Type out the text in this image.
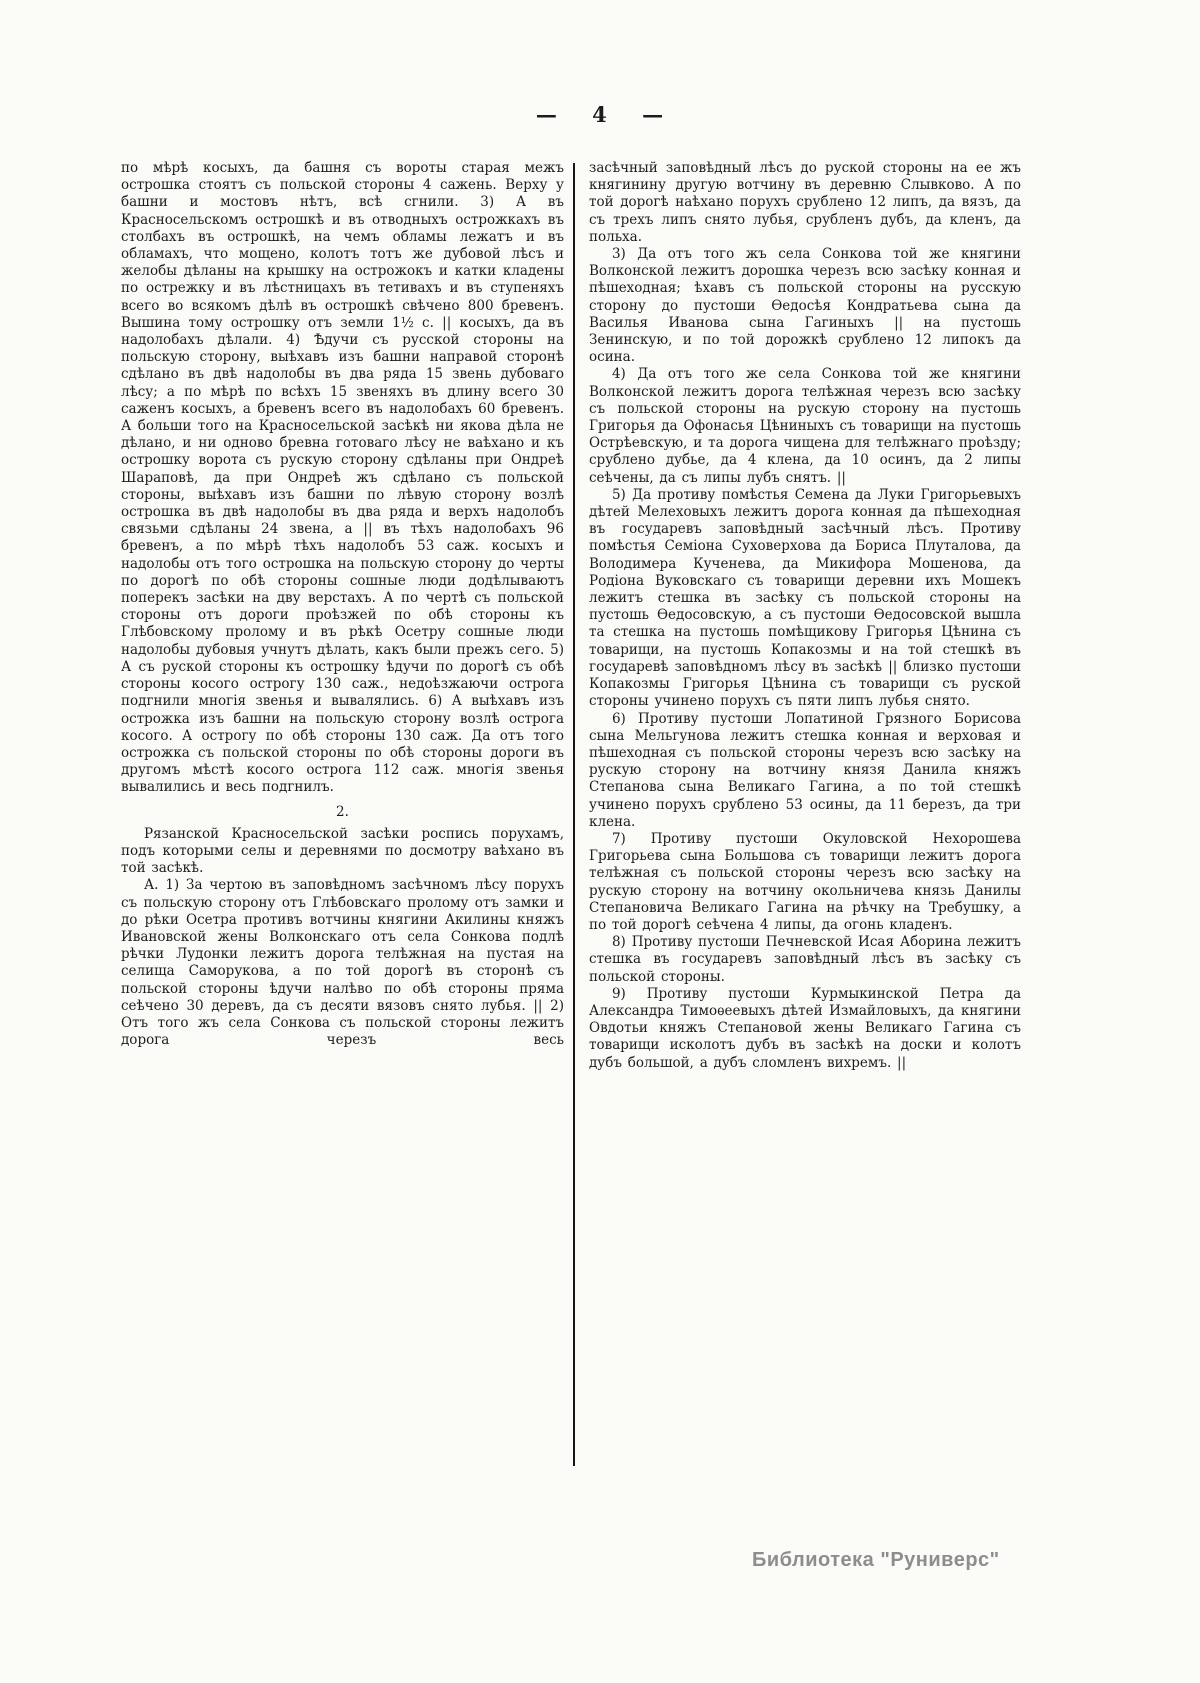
— 4 —

по мѣрѣ косыхъ, да башня съ вороты старая межъ острошка стоятъ съ польской стороны 4 сажень. Верху у башни и мостовъ нѣтъ, всѣ сгнили. 3) А въ Красносельскомъ острошкѣ и въ отводныхъ острожкахъ въ столбахъ въ острошкѣ, на чемъ обламы лежатъ и въ обламахъ, что мощено, колотъ тотъ же дубовой лѣсъ и желобы дѣланы на крышку на острожокъ и катки кладены по острежку и въ лѣстницахъ въ тетивахъ и въ ступеняхъ всего во всякомъ дѣлѣ въ острошкѣ свѣчено 800 бревенъ. Вышина тому острошку отъ земли 1½ с. || косыхъ, да въ надолобахъ дѣлали. 4) Ѣдучи съ русской стороны на польскую сторону, выѣхавъ изъ башни направой сторонѣ сдѣлано въ двѣ надолобы въ два ряда 15 звень дубоваго лѣсу; а по мѣрѣ по всѣхъ 15 звеняхъ въ длину всего 30 саженъ косыхъ, а бревенъ всего въ надолобахъ 60 бревенъ. А больши того на Красносельской засѣкѣ ни якова дѣла не дѣлано, и ни одново бревна готоваго лѣсу не ваѣхано и къ острошку ворота съ рускую сторону сдѣланы при Ондреѣ Шараповѣ, да при Ондреѣ жъ сдѣлано съ польской стороны, выѣхавъ изъ башни по лѣвую сторону возлѣ острошка въ двѣ надолобы въ два ряда и верхъ надолобъ связьми сдѣланы 24 звена, а || въ тѣхъ надолобахъ 96 бревенъ, а по мѣрѣ тѣхъ надолобъ 53 саж. косыхъ и надолобы отъ того острошка на польскую сторону до черты по дорогѣ по обѣ стороны сошные люди додѣлываютъ поперекъ засѣки на дву верстахъ. А по чертѣ съ польской стороны отъ дороги проѣзжей по обѣ стороны къ Глѣбовскому пролому и въ рѣкѣ Осетру сошные люди надолобы дубовыя учнутъ дѣлать, какъ были прежъ сего. 5) А съ руской стороны къ острошку ѣдучи по дорогѣ съ обѣ стороны косого острогу 130 саж., недоѣзжаючи острога подгнили многія звенья и вывалялись. 6) А выѣхавъ изъ острожка изъ башни на польскую сторону возлѣ острога косого. А острогу по обѣ стороны 130 саж. Да отъ того острожка съ польской стороны по обѣ стороны дороги въ другомъ мѣстѣ косого острога 112 саж. многія звенья вывалились и весь подгнилъ.

2.

Рязанской Красносельской засѣки роспись порухамъ, подъ которыми селы и деревнями по досмотру ваѣхано въ той засѣкѣ.

А. 1) За чертою въ заповѣдномъ засѣчномъ лѣсу порухъ съ польскую сторону отъ Глѣбовскаго пролому отъ замки и до рѣки Осетра противъ вотчины княгини Акилины княжъ Ивановской жены Волконскаго отъ села Сонкова подлѣ рѣчки Лудонки лежитъ дорога телѣжная на пустая на селища Саморукова, а по той дорогѣ въ сторонѣ съ польской стороны ѣдучи налѣво по обѣ стороны пряма сеѣчено 30 деревъ, да съ десяти вязовъ снято лубья. || 2) Отъ того жъ села Сонкова съ польской стороны лежитъ дорога черезъ весь

засѣчный заповѣдный лѣсъ до руской стороны на ее жъ княгинину другую вотчину въ деревню Слывково. А по той дорогѣ наѣхано порухъ срублено 12 липъ, да вязъ, да съ трехъ липъ снято лубья, срубленъ дубъ, да кленъ, да польха.

3) Да отъ того жъ села Сонкова той же княгини Волконской лежитъ дорошка черезъ всю засѣку конная и пѣшеходная; ѣхавъ съ польской стороны на русскую сторону до пустоши Ѳедосѣя Кондратьева сына да Василья Иванова сына Гагиныхъ || на пустошь Зенинскую, и по той дорожкѣ срублено 12 липокъ да осина.

4) Да отъ того же села Сонкова той же княгини Волконской лежитъ дорога телѣжная черезъ всю засѣку съ польской стороны на рускую сторону на пустошь Григорья да Офонасья Цѣниныхъ съ товарищи на пустошь Острѣевскую, и та дорога чищена для телѣжнаго проѣзду; срублено дубье, да 4 клена, да 10 осинъ, да 2 липы сеѣчены, да съ липы лубъ снятъ. ||

5) Да противу помѣстья Семена да Луки Григорьевыхъ дѣтей Мелеховыхъ лежитъ дорога конная да пѣшеходная въ государевъ заповѣдный засѣчный лѣсъ. Противу помѣстья Семіона Суховерхова да Бориса Плуталова, да Володимера Кученева, да Микифора Мошенова, да Родіона Вуковскаго съ товарищи деревни ихъ Мошекъ лежитъ стешка въ засѣку съ польской стороны на пустошь Ѳедосовскую, а съ пустоши Ѳедосовской вышла та стешка на пустошь помѣщикову Григорья Цѣнина съ товарищи, на пустошь Копакозмы и на той стешкѣ въ государевѣ заповѣдномъ лѣсу въ засѣкѣ || близко пустоши Копакозмы Григорья Цѣнина съ товарищи съ руской стороны учинено порухъ съ пяти липъ лубья снято.

6) Противу пустоши Лопатиной Грязного Борисова сына Мельгунова лежитъ стешка конная и верховая и пѣшеходная съ польской стороны черезъ всю засѣку на рускую сторону на вотчину князя Данила княжъ Степанова сына Великаго Гагина, а по той стешкѣ учинено порухъ срублено 53 осины, да 11 березъ, да три клена.

7) Противу пустоши Окуловской Нехорошева Григорьева сына Большова съ товарищи лежитъ дорога телѣжная съ польской стороны черезъ всю засѣку на рускую сторону на вотчину окольничева князь Данилы Степановича Великаго Гагина на рѣчку на Требушку, а по той дорогѣ сеѣчена 4 липы, да огонь кладенъ.

8) Противу пустоши Печневской Исая Аборина лежитъ стешка въ государевъ заповѣдный лѣсъ въ засѣку съ польской стороны.

9) Противу пустоши Курмыкинской Петра да Александра Тимоѳеевыхъ дѣтей Измайловыхъ, да княгини Овдотьи княжъ Степановой жены Великаго Гагина съ товарищи исколотъ дубъ въ засѣкѣ на доски и колотъ дубъ большой, а дубъ сломленъ вихремъ. ||

Библиотека "Руниверс"
